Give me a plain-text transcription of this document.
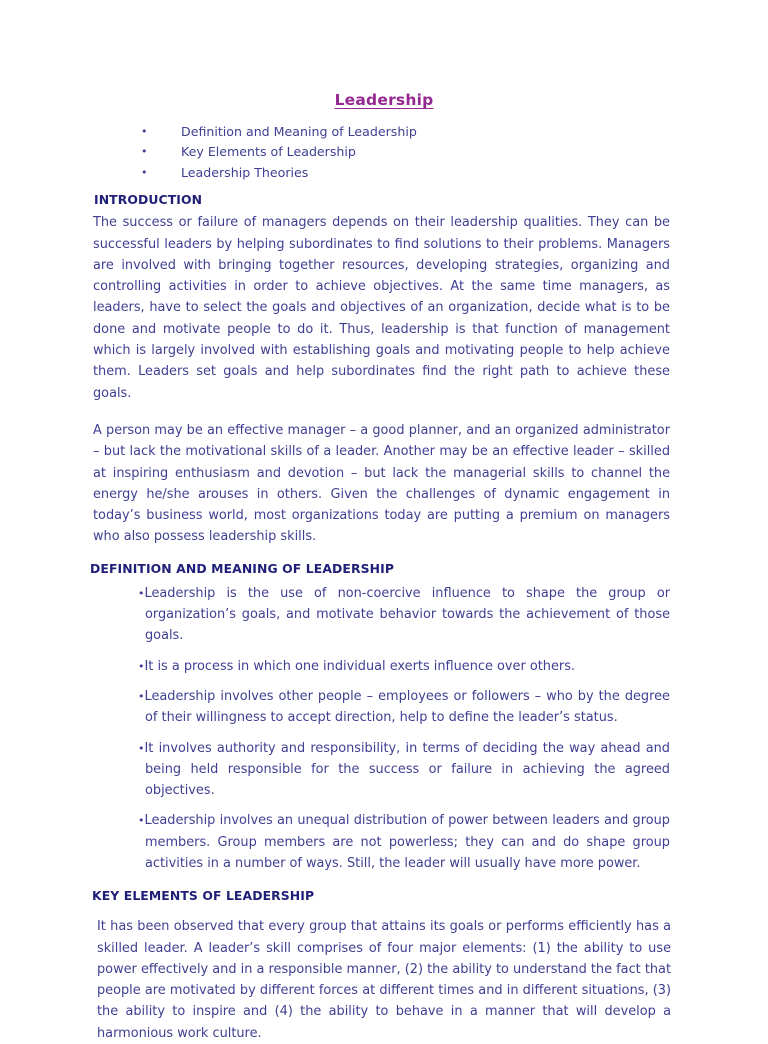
Leadership
•	Definition and Meaning of Leadership
•	Key Elements of Leadership
•	Leadership Theories
INTRODUCTION

The success or failure of managers depends on their leadership qualities. They can be successful leaders by helping subordinates to find solutions to their problems. Managers are involved with bringing together resources, developing strategies, organizing and controlling activities in order to achieve objectives. At the same time managers, as leaders, have to select the goals and objectives of an organization, decide what is to be done and motivate people to do it. Thus, leadership is that function of management which is largely involved with establishing goals and motivating people to help achieve them. Leaders set goals and help subordinates find the right path to achieve these goals.

A person may be an effective manager – a good planner, and an organized administrator – but lack the motivational skills of a leader. Another may be an effective leader – skilled at inspiring enthusiasm and devotion – but lack the managerial skills to channel the energy he/she arouses in others. Given the challenges of dynamic engagement in today’s business world, most organizations today are putting a premium on managers who also possess leadership skills.

DEFINITION AND MEANING OF LEADERSHIP
•Leadership is the use of non-coercive influence to shape the group or organization’s goals, and motivate behavior towards the achievement of those goals.
•It is a process in which one individual exerts influence over others.
•Leadership involves other people – employees or followers – who by the degree of their willingness to accept direction, help to define the leader’s status.
•It involves authority and responsibility, in terms of deciding the way ahead and being held responsible for the success or failure in achieving the agreed objectives.
•Leadership involves an unequal distribution of power between leaders and group members. Group members are not powerless; they can and do shape group activities in a number of ways. Still, the leader will usually have more power.
KEY ELEMENTS OF LEADERSHIP

It has been observed that every group that attains its goals or performs efficiently has a skilled leader. A leader’s skill comprises of four major elements: (1) the ability to use power effectively and in a responsible manner, (2) the ability to understand the fact that people are motivated by different forces at different times and in different situations, (3) the ability to inspire and (4) the ability to behave in a manner that will develop a harmonious work culture.
